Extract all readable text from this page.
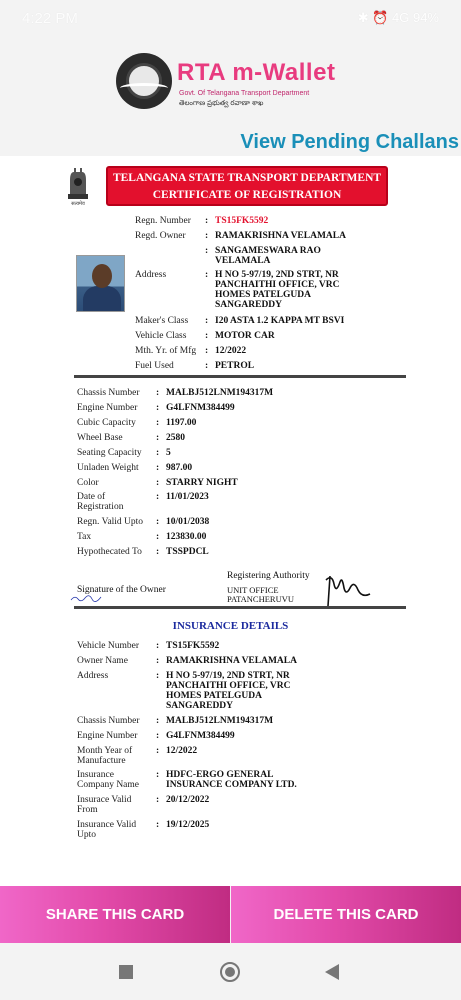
4:22 PM	✱ ⏰ 4G 94%
RTA m-Wallet
Govt. Of Telangana Transport Department
తెలంగాణ ప్రభుత్వ రవాణా శాఖ
View Pending Challans
सत्यमेव
TELANGANA STATE TRANSPORT DEPARTMENT
CERTIFICATE OF REGISTRATION
Regn. Number : TS15FK5592
Regd. Owner : RAMAKRISHNA VELAMALA
: SANGAMESWARA RAO
VELAMALA
Address	: H NO 5-97/19, 2ND STRT, NR
PANCHAITHI OFFICE, VRC
HOMES PATELGUDA
SANGAREDDY
Maker's Class : I20 ASTA 1.2 KAPPA MT BSVI
Vehicle Class : MOTOR CAR
Mth. Yr. of Mfg : 12/2022
Fuel Used	: PETROL
Chassis Number : MALBJ512LNM194317M
Engine Number : G4LFNM384499
Cubic Capacity : 1197.00
Wheel Base	: 2580
Seating Capacity : 5
Unladen Weight : 987.00
Color	: STARRY NIGHT
Date of
Registration
: 11/01/2023
Regn. Valid Upto : 10/01/2038
Tax	: 123830.00
Hypothecated To : TSSPDCL
Signature of the Owner
Registering Authority
UNIT OFFICE
PATANCHERUVU
INSURANCE DETAILS
Vehicle Number : TS15FK5592
Owner Name	: RAMAKRISHNA VELAMALA
Address	: H NO 5-97/19, 2ND STRT, NR
PANCHAITHI OFFICE, VRC
HOMES PATELGUDA
SANGAREDDY
Chassis Number : MALBJ512LNM194317M
Engine Number : G4LFNM384499
Month Year of
Manufacture
: 12/2022
Insurance
Company Name
: HDFC-ERGO GENERAL
INSURANCE COMPANY LTD.
Insurace Valid
From
: 20/12/2022
Insurance Valid
Upto
: 19/12/2025
SHARE THIS CARD	DELETE THIS CARD
